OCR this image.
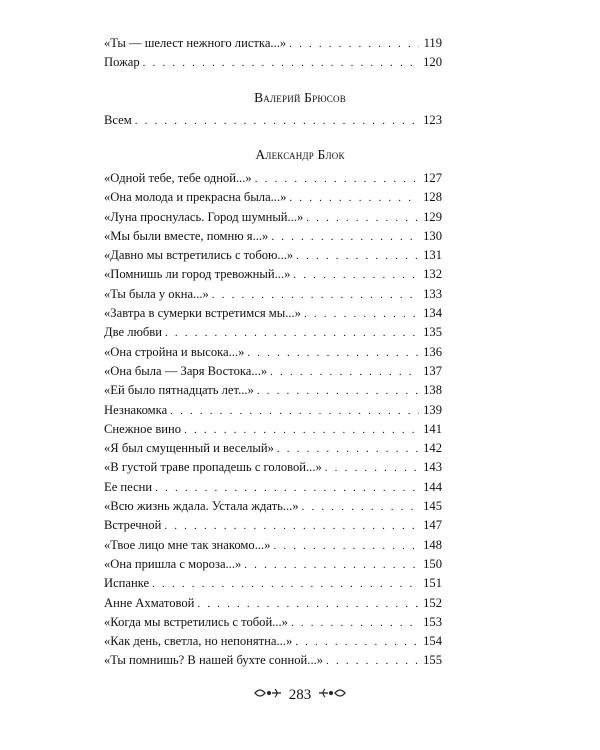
«Ты — шелест нежного листка...» . . .	119
Пожар . . .	120
Валерий Брюсов
Всем . . .	123
Александр Блок
«Одной тебе, тебе одной...» . . .	127
«Она молода и прекрасна была...» . . .	128
«Луна проснулась. Город шумный...» . . .	129
«Мы были вместе, помню я...» . . .	130
«Давно мы встретились с тобою...» . . .	131
«Помнишь ли город тревожный...» . . .	132
«Ты была у окна...» . . .	133
«Завтра в сумерки встретимся мы...» . . .	134
Две любви . . .	135
«Она стройна и высока...» . . .	136
«Она была — Заря Востока...» . . .	137
«Ей было пятнадцать лет...» . . .	138
Незнакомка . . .	139
Снежное вино . . .	141
«Я был смущенный и веселый» . . .	142
«В густой траве пропадешь с головой...» . . .	143
Ее песни . . .	144
«Всю жизнь ждала. Устала ждать...» . . .	145
Встречной . . .	147
«Твое лицо мне так знакомо...» . . .	148
«Она пришла с мороза...» . . .	150
Испанке . . .	151
Анне Ахматовой . . .	152
«Когда мы встретились с тобой...» . . .	153
«Как день, светла, но непонятна...» . . .	154
«Ты помнишь? В нашей бухте сонной...» . . .	155
283
